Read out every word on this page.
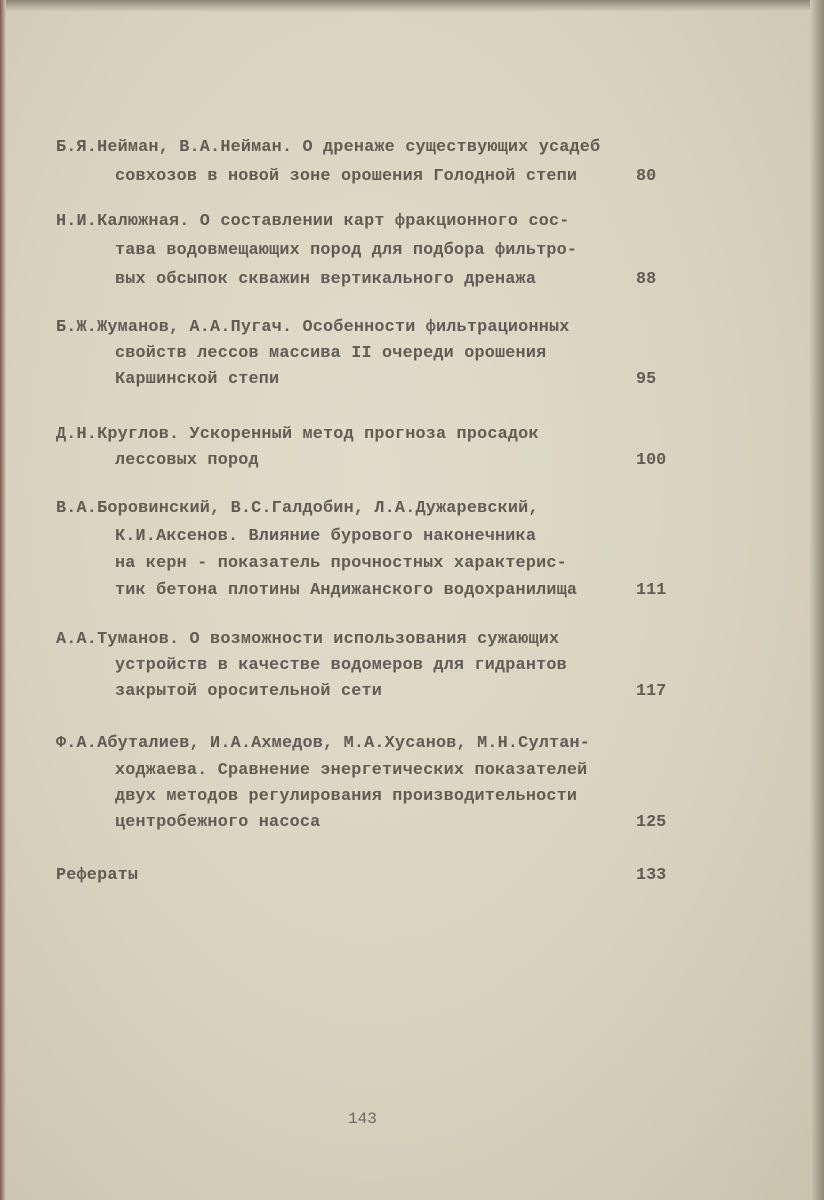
Б.Я.Нейман, В.А.Нейман. О дренаже существующих усадеб
совхозов в новой зоне орошения Голодной степи	80
Н.И.Калюжная. О составлении карт фракционного сос-
тава водовмещающих пород для подбора фильтро-
вых обсыпок скважин вертикального дренажа	88
Б.Ж.Жуманов, А.А.Пугач. Особенности фильтрационных
свойств лессов массива II очереди орошения
Каршинской степи	95
Д.Н.Круглов. Ускоренный метод прогноза просадок
лессовых пород	100
В.А.Боровинский, В.С.Галдобин, Л.А.Дужаревский,
К.И.Аксенов. Влияние бурового наконечника
на керн - показатель прочностных характерис-
тик бетона плотины Андижанского водохранилища	111
А.А.Туманов. О возможности использования сужающих
устройств в качестве водомеров для гидрантов
закрытой оросительной сети	117
Ф.А.Абуталиев, И.А.Ахмедов, М.А.Хусанов, М.Н.Султан-
ходжаева. Сравнение энергетических показателей
двух методов регулирования производительности
центробежного насоса	125
Рефераты	133
143
